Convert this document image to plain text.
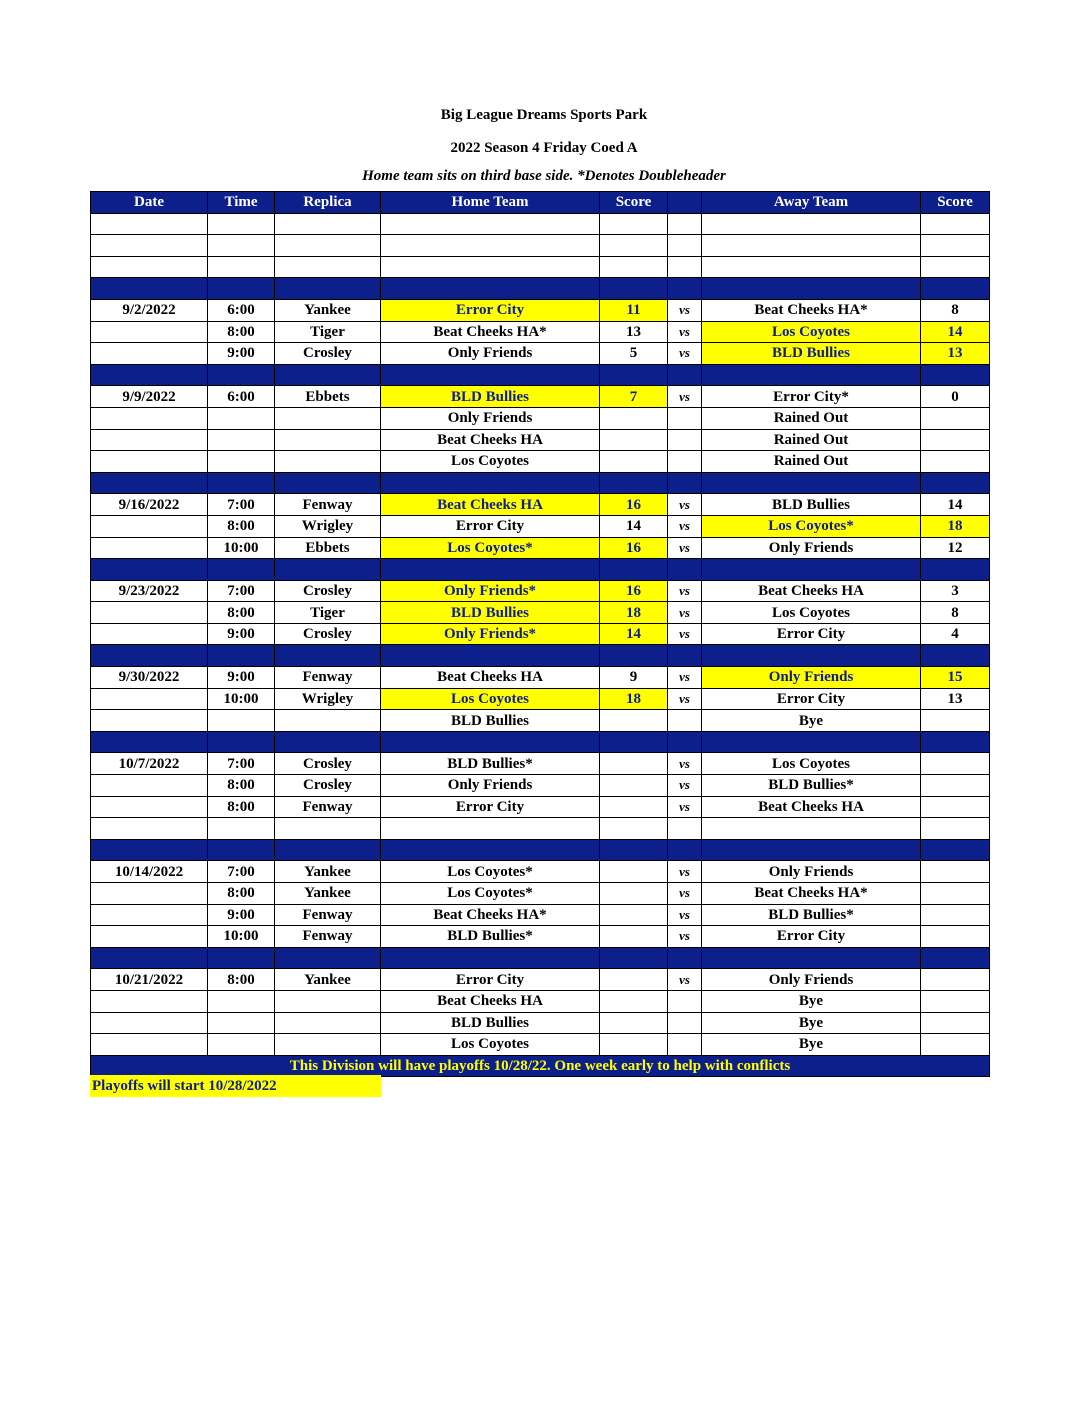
Big League Dreams Sports Park
2022 Season 4 Friday Coed A
Home team sits on third base side. *Denotes Doubleheader
Date	Time	Replica	Home Team	Score		Away Team	Score

9/2/2022	6:00	Yankee	Error City	11	vs	Beat Cheeks HA*	8
	8:00	Tiger	Beat Cheeks HA*	13	vs	Los Coyotes	14
	9:00	Crosley	Only Friends	5	vs	BLD Bullies	13

9/9/2022	6:00	Ebbets	BLD Bullies	7	vs	Error City*	0
			Only Friends			Rained Out	
			Beat Cheeks HA			Rained Out	
			Los Coyotes			Rained Out	

9/16/2022	7:00	Fenway	Beat Cheeks HA	16	vs	BLD Bullies	14
	8:00	Wrigley	Error City	14	vs	Los Coyotes*	18
	10:00	Ebbets	Los Coyotes*	16	vs	Only Friends	12

9/23/2022	7:00	Crosley	Only Friends*	16	vs	Beat Cheeks HA	3
	8:00	Tiger	BLD Bullies	18	vs	Los Coyotes	8
	9:00	Crosley	Only Friends*	14	vs	Error City	4

9/30/2022	9:00	Fenway	Beat Cheeks HA	9	vs	Only Friends	15
	10:00	Wrigley	Los Coyotes	18	vs	Error City	13
			BLD Bullies			Bye	

10/7/2022	7:00	Crosley	BLD Bullies*		vs	Los Coyotes	
	8:00	Crosley	Only Friends		vs	BLD Bullies*	
	8:00	Fenway	Error City		vs	Beat Cheeks HA	

10/14/2022	7:00	Yankee	Los Coyotes*		vs	Only Friends	
	8:00	Yankee	Los Coyotes*		vs	Beat Cheeks HA*	
	9:00	Fenway	Beat Cheeks HA*		vs	BLD Bullies*	
	10:00	Fenway	BLD Bullies*		vs	Error City	

10/21/2022	8:00	Yankee	Error City		vs	Only Friends	
			Beat Cheeks HA			Bye	
			BLD Bullies			Bye	
			Los Coyotes			Bye	
This Division will have playoffs 10/28/22. One week early to help with conflicts							
Playoffs will start 10/28/2022
